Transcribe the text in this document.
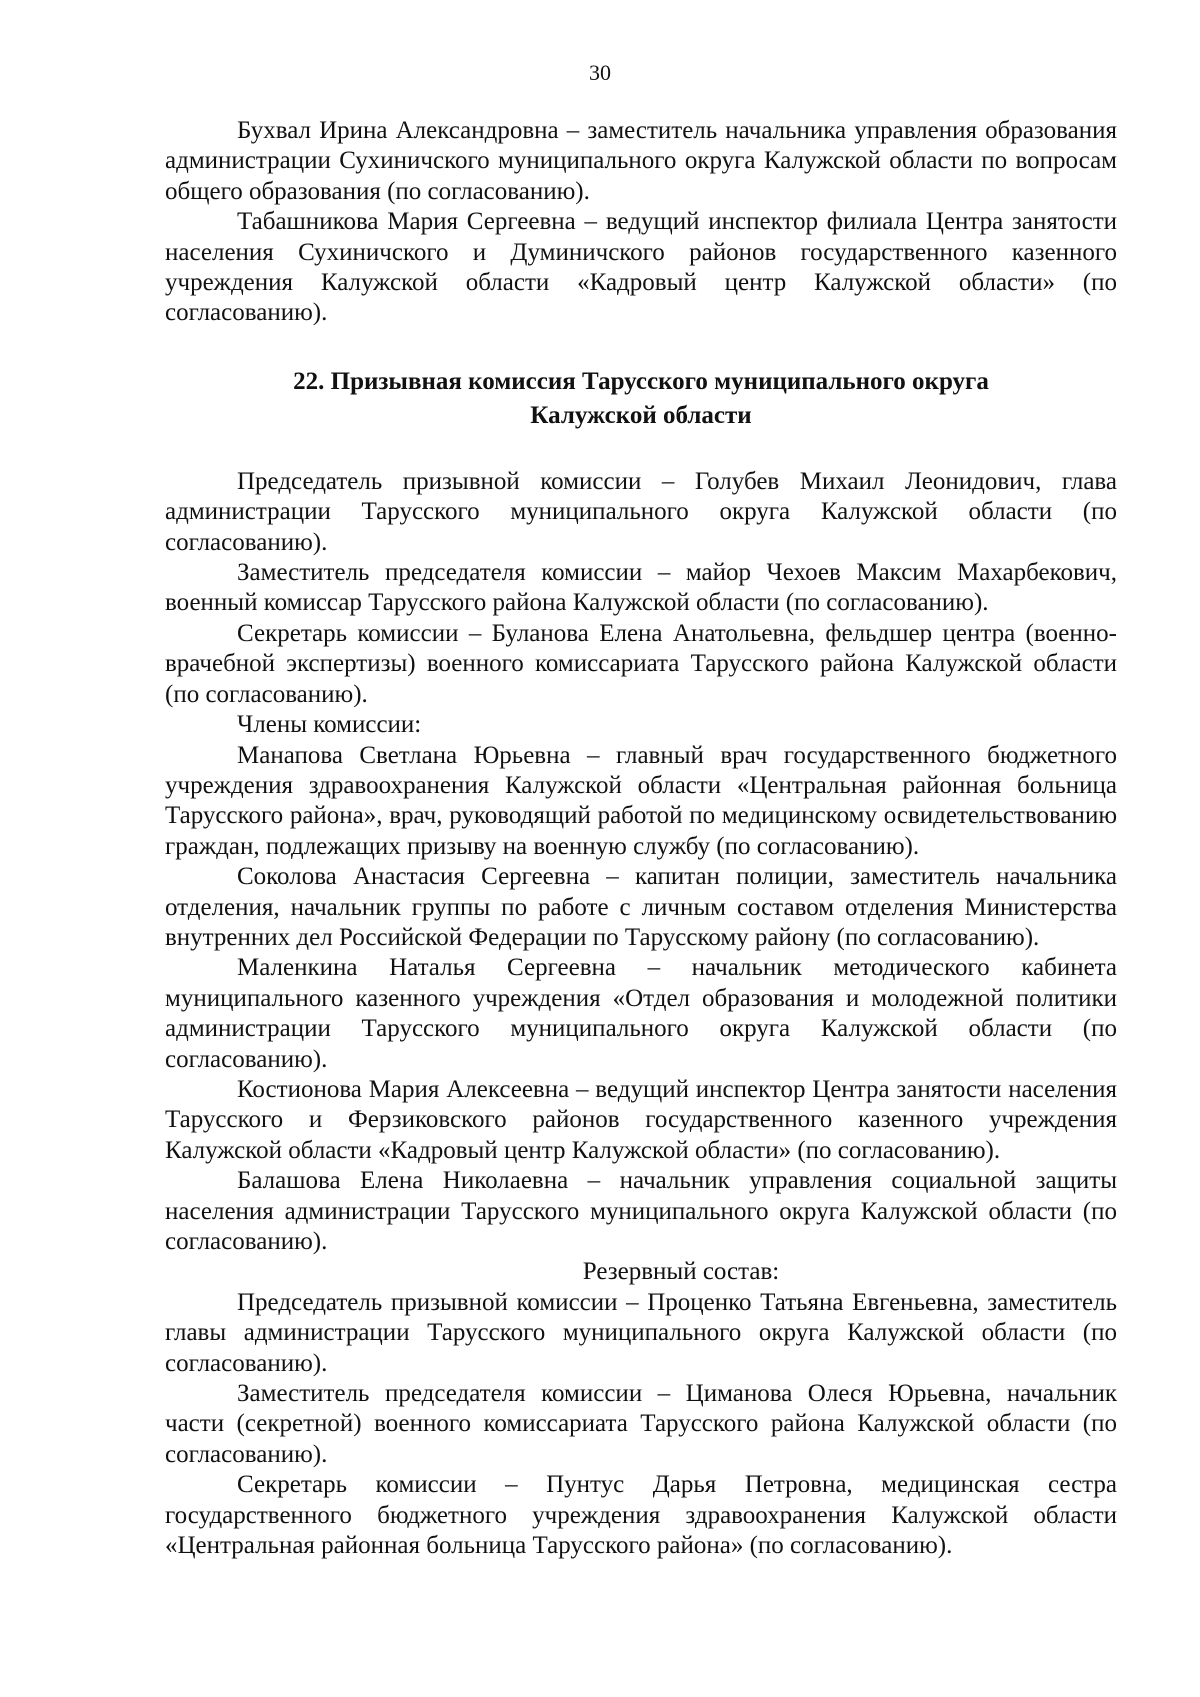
30

Бухвал Ирина Александровна – заместитель начальника управления образования администрации Сухиничского муниципального округа Калужской области по вопросам общего образования (по согласованию).

Табашникова Мария Сергеевна – ведущий инспектор филиала Центра занятости населения Сухиничского и Думиничского районов государственного казенного учреждения Калужской области «Кадровый центр Калужской области» (по согласованию).

22. Призывная комиссия Тарусского муниципального округа
Калужской области

Председатель призывной комиссии – Голубев Михаил Леонидович, глава администрации Тарусского муниципального округа Калужской области (по согласованию).

Заместитель председателя комиссии – майор Чехоев Максим Махарбекович, военный комиссар Тарусского района Калужской области (по согласованию).

Секретарь комиссии – Буланова Елена Анатольевна, фельдшер центра (военно-врачебной экспертизы) военного комиссариата Тарусского района Калужской области (по согласованию).

Члены комиссии:

Манапова Светлана Юрьевна – главный врач государственного бюджетного учреждения здравоохранения Калужской области «Центральная районная больница Тарусского района», врач, руководящий работой по медицинскому освидетельствованию граждан, подлежащих призыву на военную службу (по согласованию).

Соколова Анастасия Сергеевна – капитан полиции, заместитель начальника отделения, начальник группы по работе с личным составом отделения Министерства внутренних дел Российской Федерации по Тарусскому району (по согласованию).

Маленкина Наталья Сергеевна – начальник методического кабинета муниципального казенного учреждения «Отдел образования и молодежной политики администрации Тарусского муниципального округа Калужской области (по согласованию).

Костионова Мария Алексеевна – ведущий инспектор Центра занятости населения Тарусского и Ферзиковского районов государственного казенного учреждения Калужской области «Кадровый центр Калужской области» (по согласованию).

Балашова Елена Николаевна – начальник управления социальной защиты населения администрации Тарусского муниципального округа Калужской области (по согласованию).

Резервный состав:

Председатель призывной комиссии – Проценко Татьяна Евгеньевна, заместитель главы администрации Тарусского муниципального округа Калужской области (по согласованию).

Заместитель председателя комиссии – Циманова Олеся Юрьевна, начальник части (секретной) военного комиссариата Тарусского района Калужской области (по согласованию).

Секретарь комиссии – Пунтус Дарья Петровна, медицинская сестра государственного бюджетного учреждения здравоохранения Калужской области «Центральная районная больница Тарусского района» (по согласованию).
